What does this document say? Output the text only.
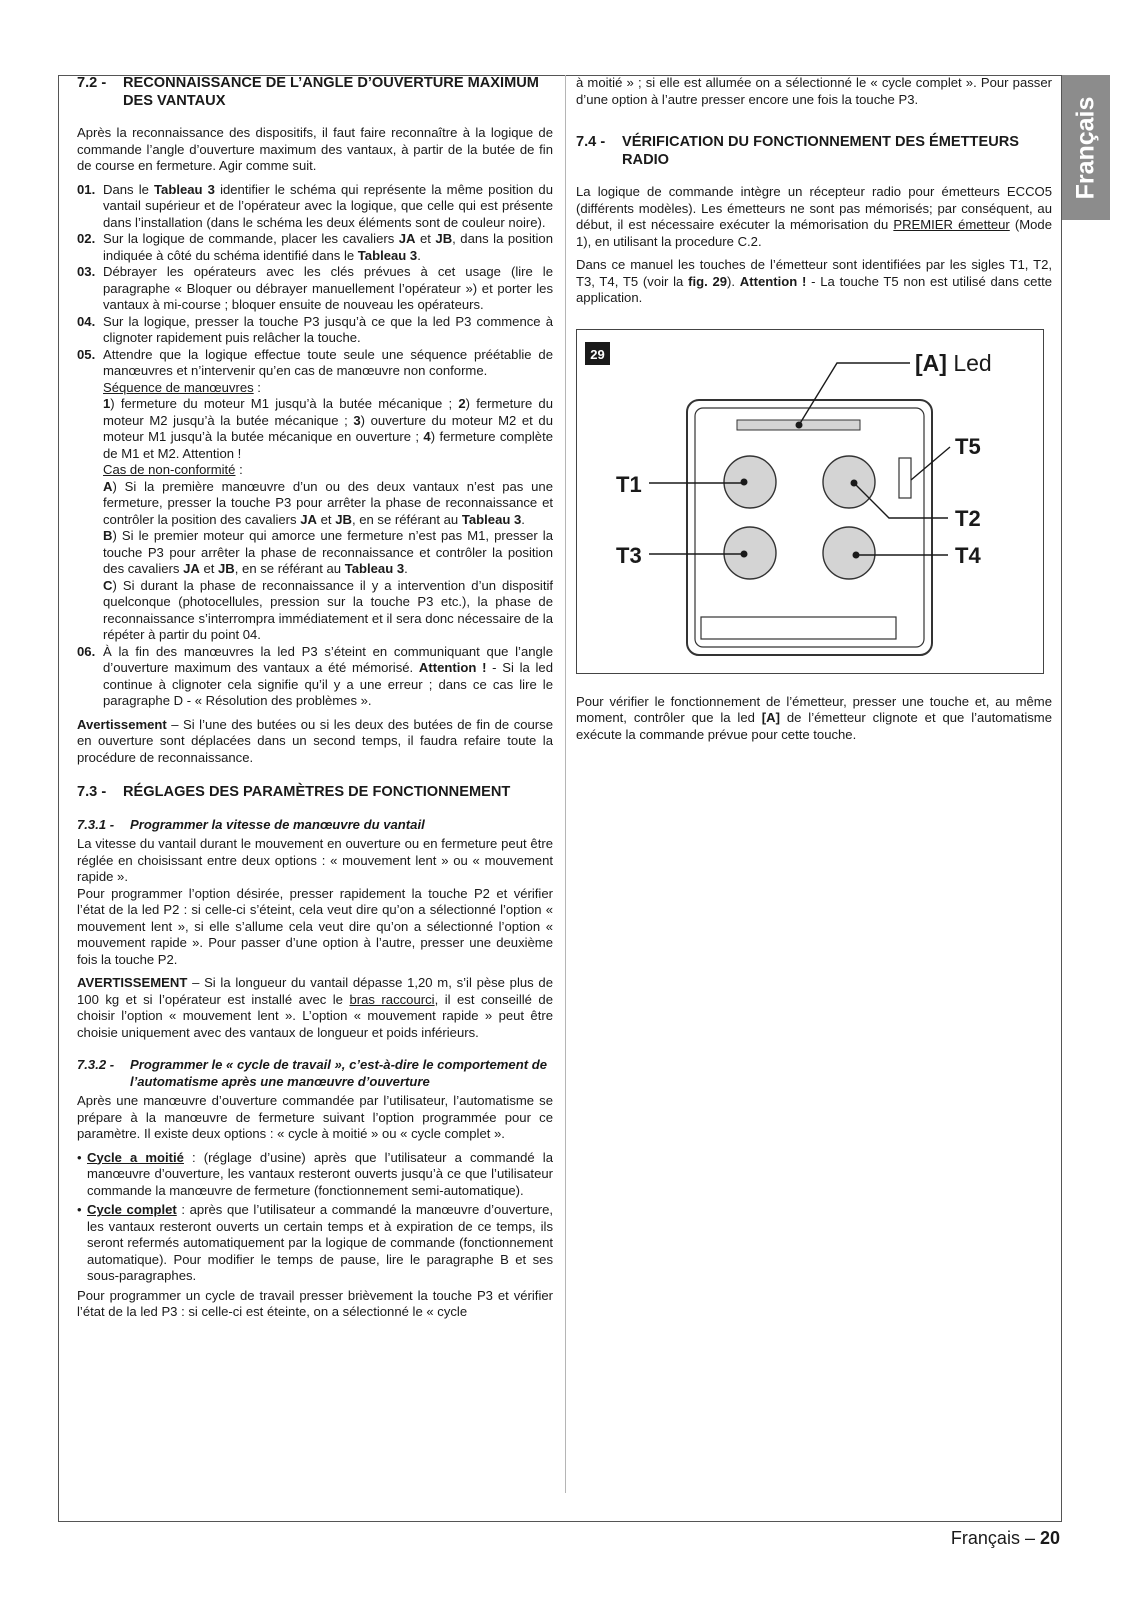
Français
7.2 -	RECONNAISSANCE DE L’ANGLE D’OUVERTURE MAXIMUM DES VANTAUX

Après la reconnaissance des dispositifs, il faut faire reconnaître à la logique de commande l’angle d’ouverture maximum des vantaux, à partir de la butée de fin de course en fermeture. Agir comme suit.

01. Dans le Tableau 3 identifier le schéma qui représente la même position du vantail supérieur et de l’opérateur avec la logique, que celle qui est présente dans l’installation (dans le schéma les deux éléments sont de couleur noire).
02. Sur la logique de commande, placer les cavaliers JA et JB, dans la position indiquée à côté du schéma identifié dans le Tableau 3.
03. Débrayer les opérateurs avec les clés prévues à cet usage (lire le paragraphe « Bloquer ou débrayer manuellement l’opérateur ») et porter les vantaux à mi-course ; bloquer ensuite de nouveau les opérateurs.
04. Sur la logique, presser la touche P3 jusqu’à ce que la led P3 commence à clignoter rapidement puis relâcher la touche.
05. Attendre que la logique effectue toute seule une séquence préétablie de manœuvres et n’intervenir qu’en cas de manœuvre non conforme.
Séquence de manœuvres :
1) fermeture du moteur M1 jusqu’à la butée mécanique ; 2) fermeture du moteur M2 jusqu’à la butée mécanique ; 3) ouverture du moteur M2 et du moteur M1 jusqu’à la butée mécanique en ouverture ; 4) fermeture complète de M1 et M2. Attention !
Cas de non-conformité :
A) Si la première manœuvre d’un ou des deux vantaux n’est pas une fermeture, presser la touche P3 pour arrêter la phase de reconnaissance et contrôler la position des cavaliers JA et JB, en se référant au Tableau 3.
B) Si le premier moteur qui amorce une fermeture n’est pas M1, presser la touche P3 pour arrêter la phase de reconnaissance et contrôler la position des cavaliers JA et JB, en se référant au Tableau 3.
C) Si durant la phase de reconnaissance il y a intervention d’un dispositif quelconque (photocellules, pression sur la touche P3 etc.), la phase de reconnaissance s’interrompra immédiatement et il sera donc nécessaire de la répéter à partir du point 04.
06. À la fin des manœuvres la led P3 s’éteint en communiquant que l’angle d’ouverture maximum des vantaux a été mémorisé. Attention ! - Si la led continue à clignoter cela signifie qu’il y a une erreur ; dans ce cas lire le paragraphe D - « Résolution des problèmes ».

Avertissement – Si l’une des butées ou si les deux des butées de fin de course en ouverture sont déplacées dans un second temps, il faudra refaire toute la procédure de reconnaissance.

7.3 -	RÉGLAGES DES PARAMÈTRES DE FONCTIONNEMENT
7.3.1 -	Programmer la vitesse de manœuvre du vantail

La vitesse du vantail durant le mouvement en ouverture ou en fermeture peut être réglée en choisissant entre deux options : « mouvement lent » ou « mouvement rapide ».

Pour programmer l’option désirée, presser rapidement la touche P2 et vérifier l’état de la led P2 : si celle-ci s’éteint, cela veut dire qu’on a sélectionné l’option « mouvement lent », si elle s’allume cela veut dire qu’on a sélectionné l’option « mouvement rapide ». Pour passer d’une option à l’autre, presser une deuxième fois la touche P2.

AVERTISSEMENT – Si la longueur du vantail dépasse 1,20 m, s’il pèse plus de 100 kg et si l’opérateur est installé avec le bras raccourci, il est conseillé de choisir l’option « mouvement lent ». L’option « mouvement rapide » peut être choisie uniquement avec des vantaux de longueur et poids inférieurs.

7.3.2 -	Programmer le « cycle de travail », c’est-à-dire le comportement de l’automatisme après une manœuvre d’ouverture

Après une manœuvre d’ouverture commandée par l’utilisateur, l’automatisme se prépare à la manœuvre de fermeture suivant l’option programmée pour ce paramètre. Il existe deux options : « cycle à moitié » ou « cycle complet ».

• Cycle a moitié : (réglage d’usine) après que l’utilisateur a commandé la manœuvre d’ouverture, les vantaux resteront ouverts jusqu’à ce que l’utilisateur commande la manœuvre de fermeture (fonctionnement semi-automatique).
• Cycle complet : après que l’utilisateur a commandé la manœuvre d’ouverture, les vantaux resteront ouverts un certain temps et à expiration de ce temps, ils seront refermés automatiquement par la logique de commande (fonctionnement automatique). Pour modifier le temps de pause, lire le paragraphe B et ses sous-paragraphes.

Pour programmer un cycle de travail presser brièvement la touche P3 et vérifier l’état de la led P3 : si celle-ci est éteinte, on a sélectionné le « cycle

à moitié » ; si elle est allumée on a sélectionné le « cycle complet ». Pour passer d’une option à l’autre presser encore une fois la touche P3.

7.4 -	VÉRIFICATION DU FONCTIONNEMENT DES ÉMETTEURS RADIO

La logique de commande intègre un récepteur radio pour émetteurs ECCO5 (différents modèles). Les émetteurs ne sont pas mémorisés; par conséquent, au début, il est nécessaire exécuter la mémorisation du PREMIER émetteur (Mode 1), en utilisant la procedure C.2.

Dans ce manuel les touches de l’émetteur sont identifiées par les sigles T1, T2, T3, T4, T5 (voir la fig. 29). Attention ! - La touche T5 non est utilisé dans cette application.

29	[A] Led
T1
T3
T2
T4
T5

Pour vérifier le fonctionnement de l’émetteur, presser une touche et, au même moment, contrôler que la led [A] de l’émetteur clignote et que l’automatisme exécute la commande prévue pour cette touche.

Français – 20
